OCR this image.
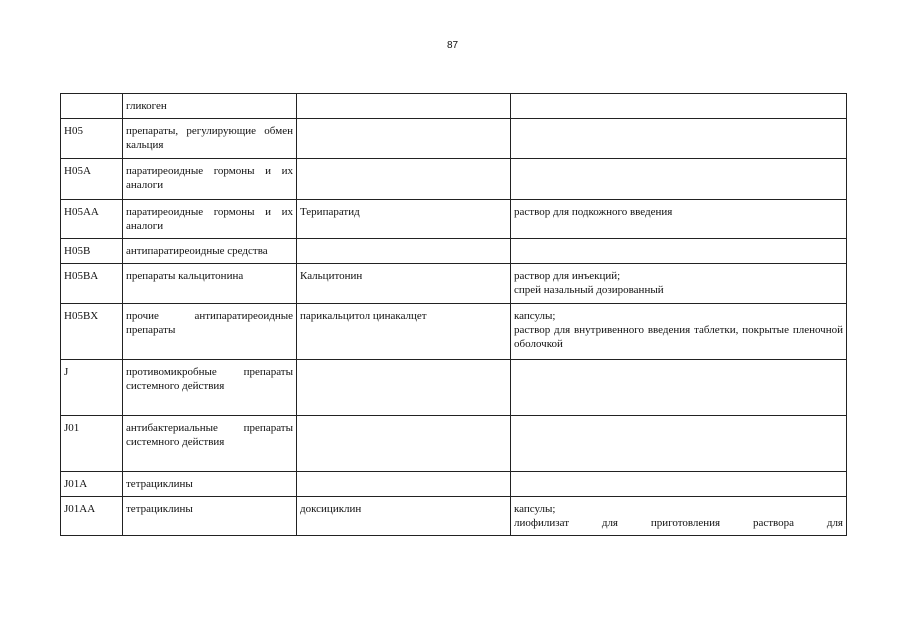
87
	гликоген		
H05	препараты, регулирующие обмен кальция		
H05A	паратиреоидные гормоны и их аналоги		
H05AA	паратиреоидные гормоны и их аналоги	Терипаратид	раствор для подкожного введения

H05B	антипаратиреоидные средства		
H05BA	препараты кальцитонина	Кальцитонин	раствор для инъекций;
спрей назальный дозированный

H05BX	прочие антипаратиреоидные препараты	парикальцитол цинакалцет	капсулы;
раствор для внутривенного введения таблетки, покрытые пленочной оболочкой

J	противомикробные препараты системного действия		
J01	антибактериальные препараты системного действия		
J01A	тетрациклины		
J01AA	тетрациклины	доксициклин	капсулы;
лиофилизат для приготовления раствора для
